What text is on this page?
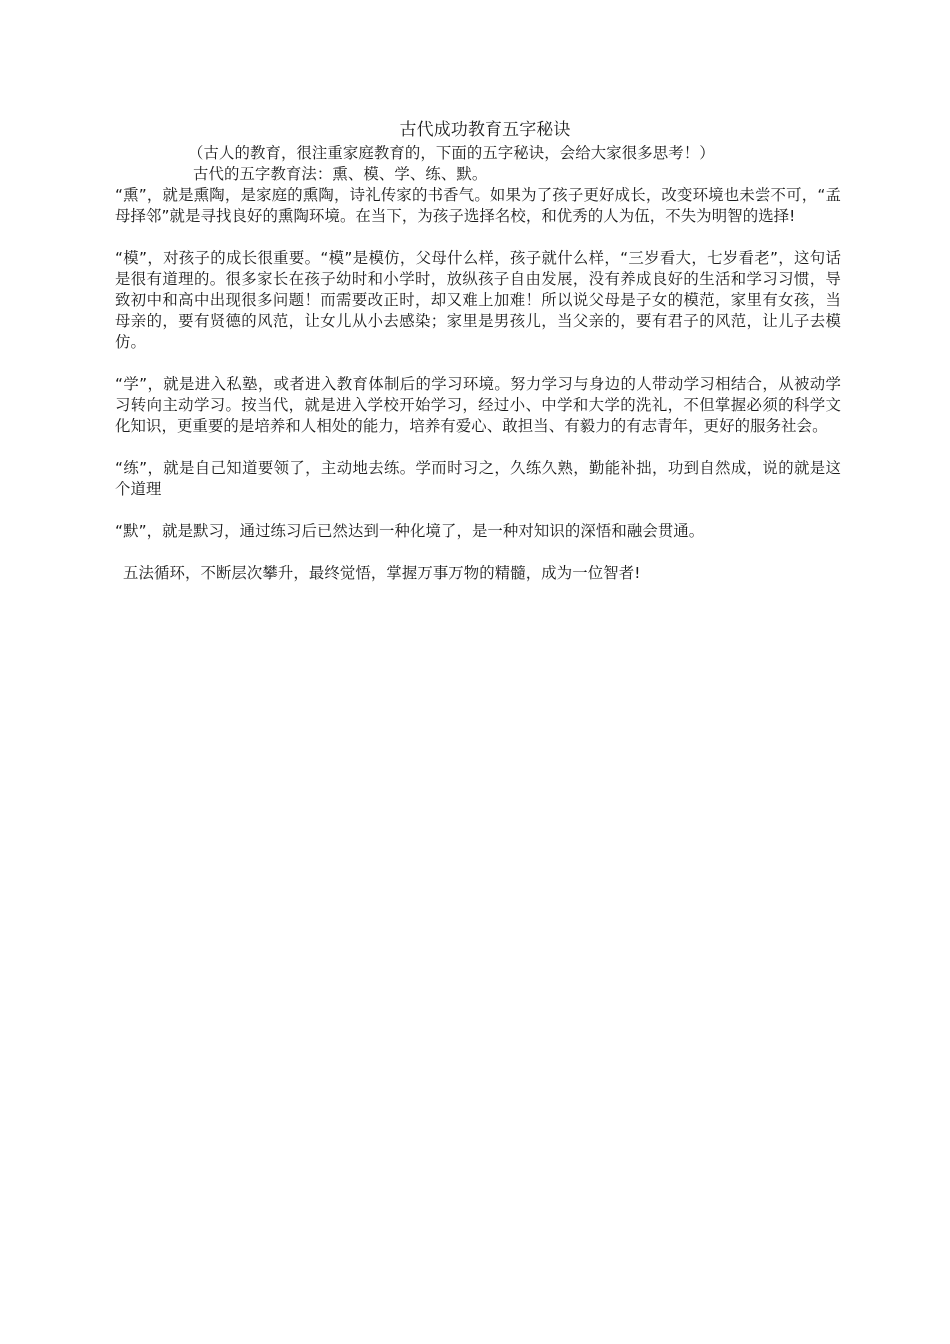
古代成功教育五字秘诀
（古人的教育，很注重家庭教育的，下面的五字秘诀，会给大家很多思考！）
古代的五字教育法：熏、模、学、练、默。

“熏”，就是熏陶，是家庭的熏陶，诗礼传家的书香气。如果为了孩子更好成长，改变环境也未尝不可，“孟母择邻”就是寻找良好的熏陶环境。在当下，为孩子选择名校，和优秀的人为伍，不失为明智的选择!

“模”，对孩子的成长很重要。“模”是模仿，父母什么样，孩子就什么样，“三岁看大，七岁看老”，这句话是很有道理的。很多家长在孩子幼时和小学时，放纵孩子自由发展，没有养成良好的生活和学习习惯，导致初中和高中出现很多问题！而需要改正时，却又难上加难！所以说父母是子女的模范，家里有女孩，当母亲的，要有贤德的风范，让女儿从小去感染；家里是男孩儿，当父亲的，要有君子的风范，让儿子去模仿。

“学”，就是进入私塾，或者进入教育体制后的学习环境。努力学习与身边的人带动学习相结合，从被动学习转向主动学习。按当代，就是进入学校开始学习，经过小、中学和大学的洗礼，不但掌握必须的科学文化知识，更重要的是培养和人相处的能力，培养有爱心、敢担当、有毅力的有志青年，更好的服务社会。

“练”，就是自己知道要领了，主动地去练。学而时习之，久练久熟，勤能补拙，功到自然成，说的就是这个道理

“默”，就是默习，通过练习后已然达到一种化境了，是一种对知识的深悟和融会贯通。

五法循环，不断层次攀升，最终觉悟，掌握万事万物的精髓，成为一位智者!
